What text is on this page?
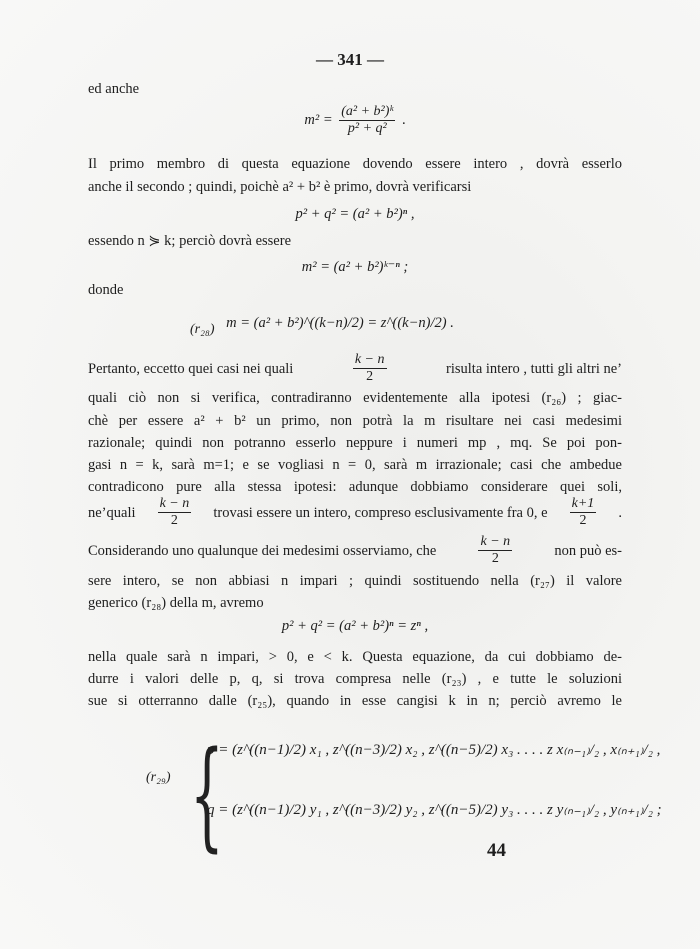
— 341 —
ed anche
$m^2 = \frac{\text{(a² + b²)ᵏ}}{\text{p² + q²}}$ .
Il primo membro di questa equazione dovendo essere intero , dovrà esserlo
anche il secondo ; quindi, poichè a² + b² è primo, dovrà verificarsi
p² + q² = (a² + b²)ⁿ ,
essendo n ⋟ k; perciò dovrà essere
m² = (a² + b²)ᵏ⁻ⁿ ;
donde
(r₂₈) m = (a² + b²)^((k−n)/2) = z^((k−n)/2) .
Pertanto, eccetto quei casi nei quali	$\frac{k - n}{2}$	risulta intero , tutti gli altri ne’
quali ciò non si verifica, contradiranno evidentemente alla ipotesi (r₂₆) ; giac-
chè per essere a² + b² un primo, non potrà la m risultare nei casi medesimi
razionale; quindi non potranno esserlo neppure i numeri mp , mq. Se poi pon-
gasi n = k, sarà m=1; e se vogliasi n = 0, sarà m irrazionale; casi che ambedue
contradicono pure alla stessa ipotesi: adunque dobbiamo considerare quei soli,
ne’quali $\frac{k - n}{2}$ trovasi essere un intero, compreso esclusivamente fra 0, e $\frac{k+1}{2}$ .
Considerando uno qualunque dei medesimi osserviamo, che	$\frac{k - n}{2}$	non può es-
sere intero, se non abbiasi n impari ; quindi sostituendo nella (r₂₇) il valore
generico (r₂₈) della m, avremo
p² + q² = (a² + b²)ⁿ = zⁿ ,
nella quale sarà n impari, > 0, e < k. Questa equazione, da cui dobbiamo de-
durre i valori delle p, q, si trova compresa nelle (r₂₃) , e tutte le soluzioni
sue si otterranno dalle (r₂₅), quando in esse cangisi k in n; perciò avremo le
(r₂₉) {
p = (z^((n−1)/2) x₁ , z^((n−3)/2) x₂ , z^((n−5)/2) x₃ . . . . z x₍ₙ₋₁₎/₂ , x₍ₙ₊₁₎/₂ ,
q = (z^((n−1)/2) y₁ , z^((n−3)/2) y₂ , z^((n−5)/2) y₃ . . . . z y₍ₙ₋₁₎/₂ , y₍ₙ₊₁₎/₂ ;
44
